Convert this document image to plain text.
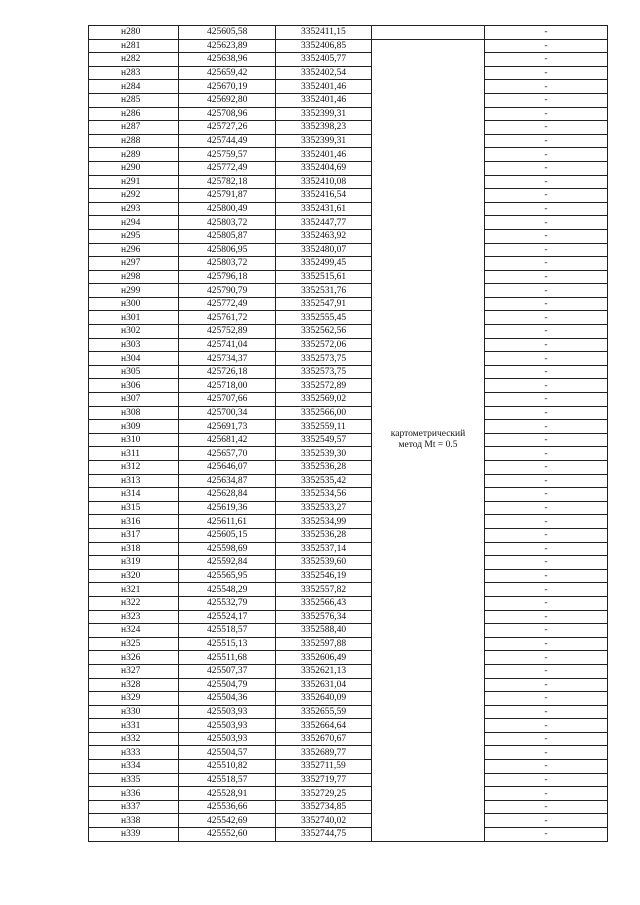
н280	425605,58	3352411,15		-
н281	425623,89	3352406,85	картометрический
метод Mt = 0.5	-
н282	425638,96	3352405,77		-
н283	425659,42	3352402,54		-
н284	425670,19	3352401,46		-
н285	425692,80	3352401,46		-
н286	425708,96	3352399,31		-
н287	425727,26	3352398,23		-
н288	425744,49	3352399,31		-
н289	425759,57	3352401,46		-
н290	425772,49	3352404,69		-
н291	425782,18	3352410,08		-
н292	425791,87	3352416,54		-
н293	425800,49	3352431,61		-
н294	425803,72	3352447,77		-
н295	425805,87	3352463,92		-
н296	425806,95	3352480,07		-
н297	425803,72	3352499,45		-
н298	425796,18	3352515,61		-
н299	425790,79	3352531,76		-
н300	425772,49	3352547,91		-
н301	425761,72	3352555,45		-
н302	425752,89	3352562,56		-
н303	425741,04	3352572,06		-
н304	425734,37	3352573,75		-
н305	425726,18	3352573,75		-
н306	425718,00	3352572,89		-
н307	425707,66	3352569,02		-
н308	425700,34	3352566,00		-
н309	425691,73	3352559,11		-
н310	425681,42	3352549,57		-
н311	425657,70	3352539,30		-
н312	425646,07	3352536,28		-
н313	425634,87	3352535,42		-
н314	425628,84	3352534,56		-
н315	425619,36	3352533,27		-
н316	425611,61	3352534,99		-
н317	425605,15	3352536,28		-
н318	425598,69	3352537,14		-
н319	425592,84	3352539,60		-
н320	425565,95	3352546,19		-
н321	425548,29	3352557,82		-
н322	425532,79	3352566,43		-
н323	425524,17	3352576,34		-
н324	425518,57	3352588,40		-
н325	425515,13	3352597,88		-
н326	425511,68	3352606,49		-
н327	425507,37	3352621,13		-
н328	425504,79	3352631,04		-
н329	425504,36	3352640,09		-
н330	425503,93	3352655,59		-
н331	425503,93	3352664,64		-
н332	425503,93	3352670,67		-
н333	425504,57	3352689,77		-
н334	425510,82	3352711,59		-
н335	425518,57	3352719,77		-
н336	425528,91	3352729,25		-
н337	425536,66	3352734,85		-
н338	425542,69	3352740,02		-
н339	425552,60	3352744,75		-
